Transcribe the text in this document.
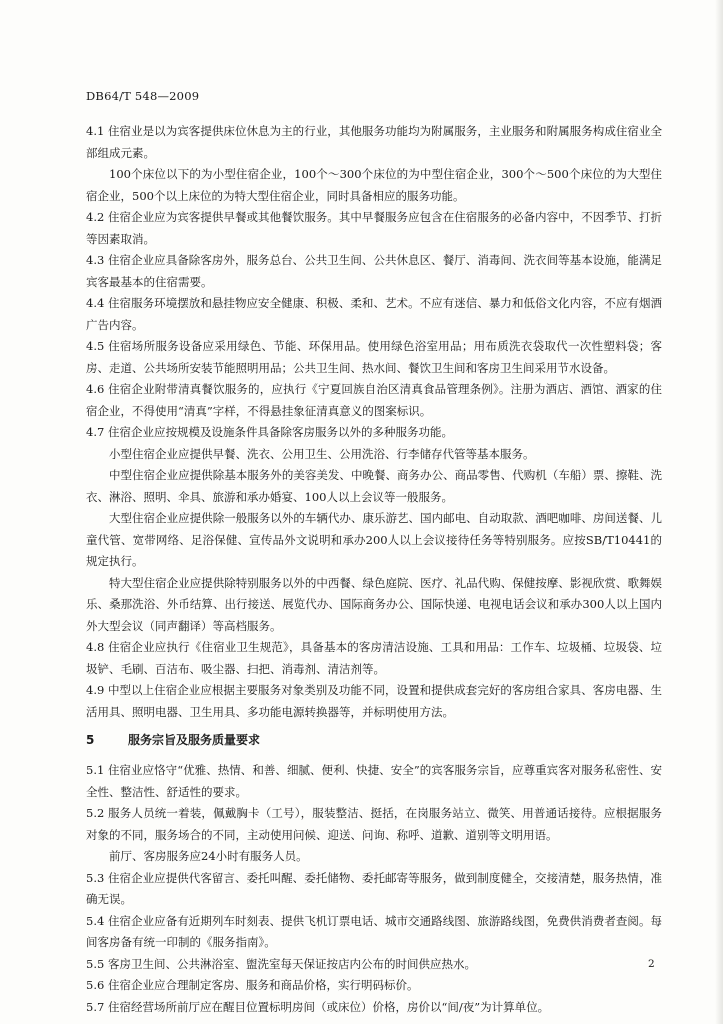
DB64/T 548—2009
4.1 住宿业是以为宾客提供床位休息为主的行业，其他服务功能均为附属服务，主业服务和附属服务构成住宿业全部组成元素。
100个床位以下的为小型住宿企业，100个～300个床位的为中型住宿企业，300个～500个床位的为大型住宿企业，500个以上床位的为特大型住宿企业，同时具备相应的服务功能。
4.2 住宿企业应为宾客提供早餐或其他餐饮服务。其中早餐服务应包含在住宿服务的必备内容中，不因季节、打折等因素取消。
4.3 住宿企业应具备除客房外，服务总台、公共卫生间、公共休息区、餐厅、消毒间、洗衣间等基本设施，能满足宾客最基本的住宿需要。
4.4 住宿服务环境摆放和悬挂物应安全健康、积极、柔和、艺术。不应有迷信、暴力和低俗文化内容，不应有烟酒广告内容。
4.5 住宿场所服务设备应采用绿色、节能、环保用品。使用绿色浴室用品；用布质洗衣袋取代一次性塑料袋；客房、走道、公共场所安装节能照明用品；公共卫生间、热水间、餐饮卫生间和客房卫生间采用节水设备。
4.6 住宿企业附带清真餐饮服务的，应执行《宁夏回族自治区清真食品管理条例》。注册为酒店、酒馆、酒家的住宿企业，不得使用“清真”字样，不得悬挂象征清真意义的图案标识。
4.7 住宿企业应按规模及设施条件具备除客房服务以外的多种服务功能。
小型住宿企业应提供早餐、洗衣、公用卫生、公用洗浴、行李储存代管等基本服务。
中型住宿企业应提供除基本服务外的美容美发、中晚餐、商务办公、商品零售、代购机（车船）票、擦鞋、洗衣、淋浴、照明、伞具、旅游和承办婚宴、100人以上会议等一般服务。
大型住宿企业应提供除一般服务以外的车辆代办、康乐游艺、国内邮电、自动取款、酒吧咖啡、房间送餐、儿童代管、宽带网络、足浴保健、宣传品外文说明和承办200人以上会议接待任务等特别服务。应按SB/T10441的规定执行。
特大型住宿企业应提供除特别服务以外的中西餐、绿色庭院、医疗、礼品代购、保健按摩、影视欣赏、歌舞娱乐、桑那洗浴、外币结算、出行接送、展览代办、国际商务办公、国际快递、电视电话会议和承办300人以上国内外大型会议（同声翻译）等高档服务。
4.8 住宿企业应执行《住宿业卫生规范》，具备基本的客房清洁设施、工具和用品：工作车、垃圾桶、垃圾袋、垃圾铲、毛刷、百洁布、吸尘器、扫把、消毒剂、清洁剂等。
4.9 中型以上住宿企业应根据主要服务对象类别及功能不同，设置和提供成套完好的客房组合家具、客房电器、生活用具、照明电器、卫生用具、多功能电源转换器等，并标明使用方法。
5	服务宗旨及服务质量要求
5.1 住宿业应恪守“优雅、热情、和善、细腻、便利、快捷、安全”的宾客服务宗旨，应尊重宾客对服务私密性、安全性、整洁性、舒适性的要求。
5.2 服务人员统一着装，佩戴胸卡（工号），服装整洁、挺括，在岗服务站立、微笑、用普通话接待。应根据服务对象的不同，服务场合的不同，主动使用问候、迎送、问询、称呼、道歉、道别等文明用语。
前厅、客房服务应24小时有服务人员。
5.3 住宿企业应提供代客留言、委托叫醒、委托储物、委托邮寄等服务，做到制度健全，交接清楚，服务热情，准确无误。
5.4 住宿企业应备有近期列车时刻表、提供飞机订票电话、城市交通路线图、旅游路线图，免费供消费者查阅。每间客房备有统一印制的《服务指南》。
5.5 客房卫生间、公共淋浴室、盥洗室每天保证按店内公布的时间供应热水。
5.6 住宿企业应合理制定客房、服务和商品价格，实行明码标价。
5.7 住宿经营场所前厅应在醒目位置标明房间（或床位）价格，房价以“间/夜”为计算单位。
2
